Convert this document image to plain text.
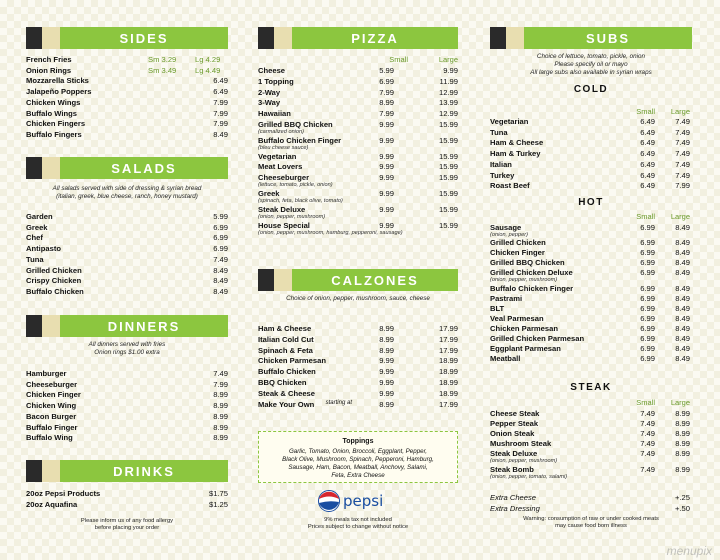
SIDES
French Fries	Sm 3.29 Lg 4.29
Onion Rings	Sm 3.49 Lg 4.49
Mozzarella Sticks	6.49
Jalapeño Poppers	6.49
Chicken Wings	7.99
Buffalo Wings	7.99
Chicken Fingers	7.99
Buffalo Fingers	8.49
SALADS
All salads served with side of dressing & syrian bread
(italian, greek, blue cheese, ranch, honey mustard)
Garden	5.99
Greek	6.99
Chef	6.99
Antipasto	6.99
Tuna	7.49
Grilled Chicken	8.49
Crispy Chicken	8.49
Buffalo Chicken	8.49
DINNERS
All dinners served with fries
Onion rings $1.00 extra
Hamburger	7.49
Cheeseburger	7.99
Chicken Finger	8.99
Chicken Wing	8.99
Bacon Burger	8.99
Buffalo Finger	8.99
Buffalo Wing	8.99
DRINKS
20oz Pepsi Products	$1.75
20oz Aquafina	$1.25
Please inform us of any food allergy
before placing your order
PIZZA
Small	Large
Cheese	5.99	9.99
1 Topping	6.99	11.99
2-Way	7.99	12.99
3-Way	8.99	13.99
Hawaiian	7.99	12.99
Grilled BBQ Chicken	9.99	15.99
(carmalized onion)
Buffalo Chicken Finger	9.99	15.99
(bleu cheese sauce)
Vegetarian	9.99	15.99
Meat Lovers	9.99	15.99
Cheeseburger	9.99	15.99
(lettuce, tomato, pickle, onion)
Greek	9.99	15.99
(spinach, feta, black olive, tomato)
Steak Deluxe	9.99	15.99
(onion, pepper, mushroom)
House Special	9.99	15.99
(onion, pepper, mushroom, hamburg, pepperoni, sausage)
CALZONES
Choice of onion, pepper, mushroom, sauce, cheese
Ham & Cheese	8.99	17.99
Italian Cold Cut	8.99	17.99
Spinach & Feta	8.99	17.99
Chicken Parmesan	9.99	18.99
Buffalo Chicken	9.99	18.99
BBQ Chicken	9.99	18.99
Steak & Cheese	9.99	18.99
Make Your Own	starting at	8.99	17.99
Toppings
Garlic, Tomato, Onion, Broccoli, Eggplant, Pepper,
Black Olive, Mushroom, Spinach, Pepperoni, Hamburg,
Sausage, Ham, Bacon, Meatball, Anchovy, Salami,
Feta, Extra Cheese
pepsi
9% meals tax not included
Prices subject to change without notice
SUBS
Choice of lettuce, tomato, pickle, onion
Please specify oil or mayo
All large subs also available in syrian wraps
COLD
Small	Large
Vegetarian	6.49	7.49
Tuna	6.49	7.49
Ham & Cheese	6.49	7.49
Ham & Turkey	6.49	7.49
Italian	6.49	7.49
Turkey	6.49	7.49
Roast Beef	6.49	7.99
HOT
Small	Large
Sausage	6.99	8.49
(onion, pepper)
Grilled Chicken	6.99	8.49
Chicken Finger	6.99	8.49
Grilled BBQ Chicken	6.99	8.49
Grilled Chicken Deluxe	6.99	8.49
(onion, pepper, mushroom)
Buffalo Chicken Finger	6.99	8.49
Pastrami	6.99	8.49
BLT	6.99	8.49
Veal Parmesan	6.99	8.49
Chicken Parmesan	6.99	8.49
Grilled Chicken Parmesan	6.99	8.49
Eggplant Parmesan	6.99	8.49
Meatball	6.99	8.49
STEAK
Small	Large
Cheese Steak	7.49	8.99
Pepper Steak	7.49	8.99
Onion Steak	7.49	8.99
Mushroom Steak	7.49	8.99
Steak Deluxe	7.49	8.99
(onion, pepper, mushroom)
Steak Bomb	7.49	8.99
(onion, pepper, tomato, salami)
Extra Cheese	+.25
Extra Dressing	+.50
Warning: consumption of raw or under cooked meats
may cause food born illness
menupix
